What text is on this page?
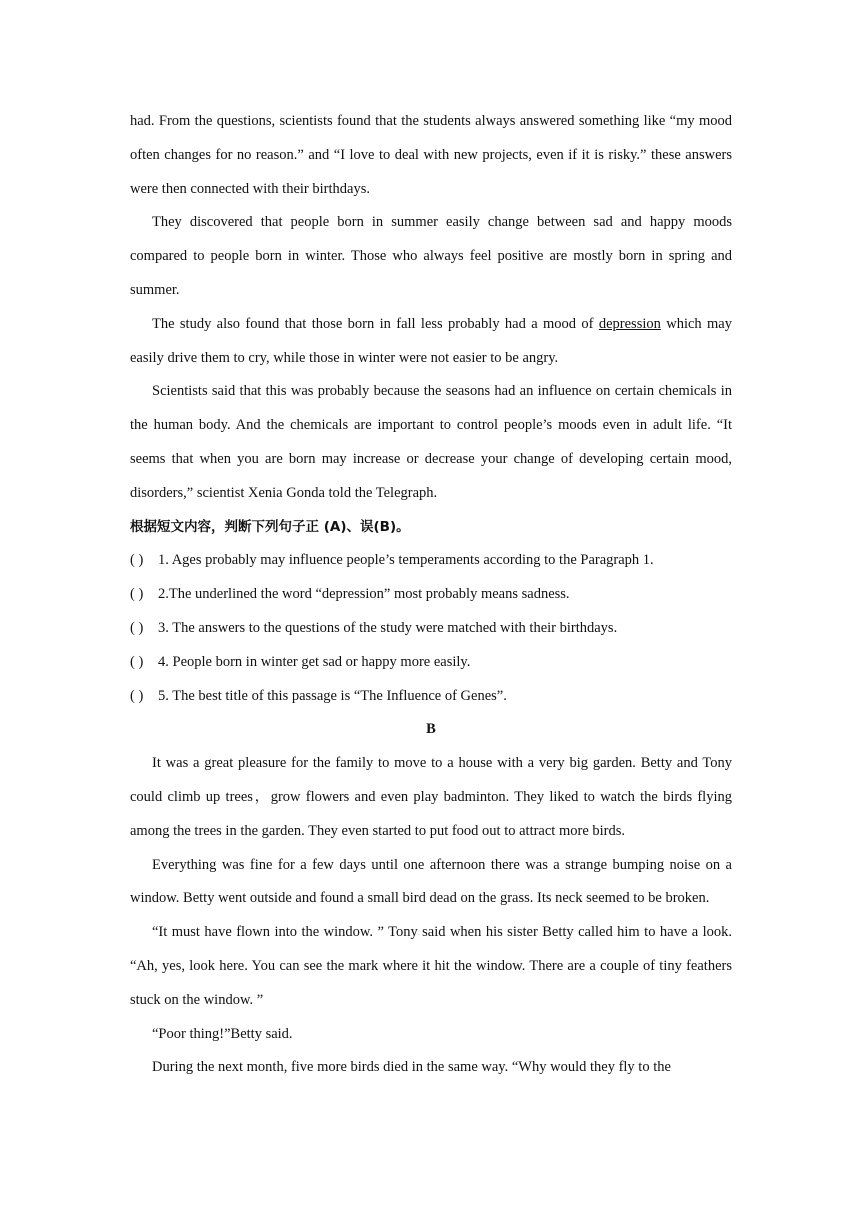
had. From the questions, scientists found that the students always answered something like “my mood often changes for no reason.” and “I love to deal with new projects, even if it is risky.” these answers were then connected with their birthdays.

They discovered that people born in summer easily change between sad and happy moods compared to people born in winter. Those who always feel positive are mostly born in spring and summer.

The study also found that those born in fall less probably had a mood of depression which may easily drive them to cry, while those in winter were not easier to be angry.

Scientists said that this was probably because the seasons had an influence on certain chemicals in the human body. And the chemicals are important to control people’s moods even in adult life. “It seems that when you are born may increase or decrease your change of developing certain mood, disorders,” scientist Xenia Gonda told the Telegraph.

根据短文内容，判断下列句子正 (A)、误(B)。

( ) 1. Ages probably may influence people’s temperaments according to the Paragraph 1.

( ) 2.The underlined the word “depression” most probably means sadness.

( ) 3. The answers to the questions of the study were matched with their birthdays.

( ) 4. People born in winter get sad or happy more easily.

( ) 5. The best title of this passage is “The Influence of Genes”.

B

It was a great pleasure for the family to move to a house with a very big garden. Betty and Tony could climb up trees，grow flowers and even play badminton. They liked to watch the birds flying among the trees in the garden. They even started to put food out to attract more birds.

Everything was fine for a few days until one afternoon there was a strange bumping noise on a window. Betty went outside and found a small bird dead on the grass. Its neck seemed to be broken.

“It must have flown into the window. ” Tony said when his sister Betty called him to have a look. “Ah, yes, look here. You can see the mark where it hit the window. There are a couple of tiny feathers stuck on the window. ”

“Poor thing!”Betty said.

During the next month, five more birds died in the same way. “Why would they fly to the
